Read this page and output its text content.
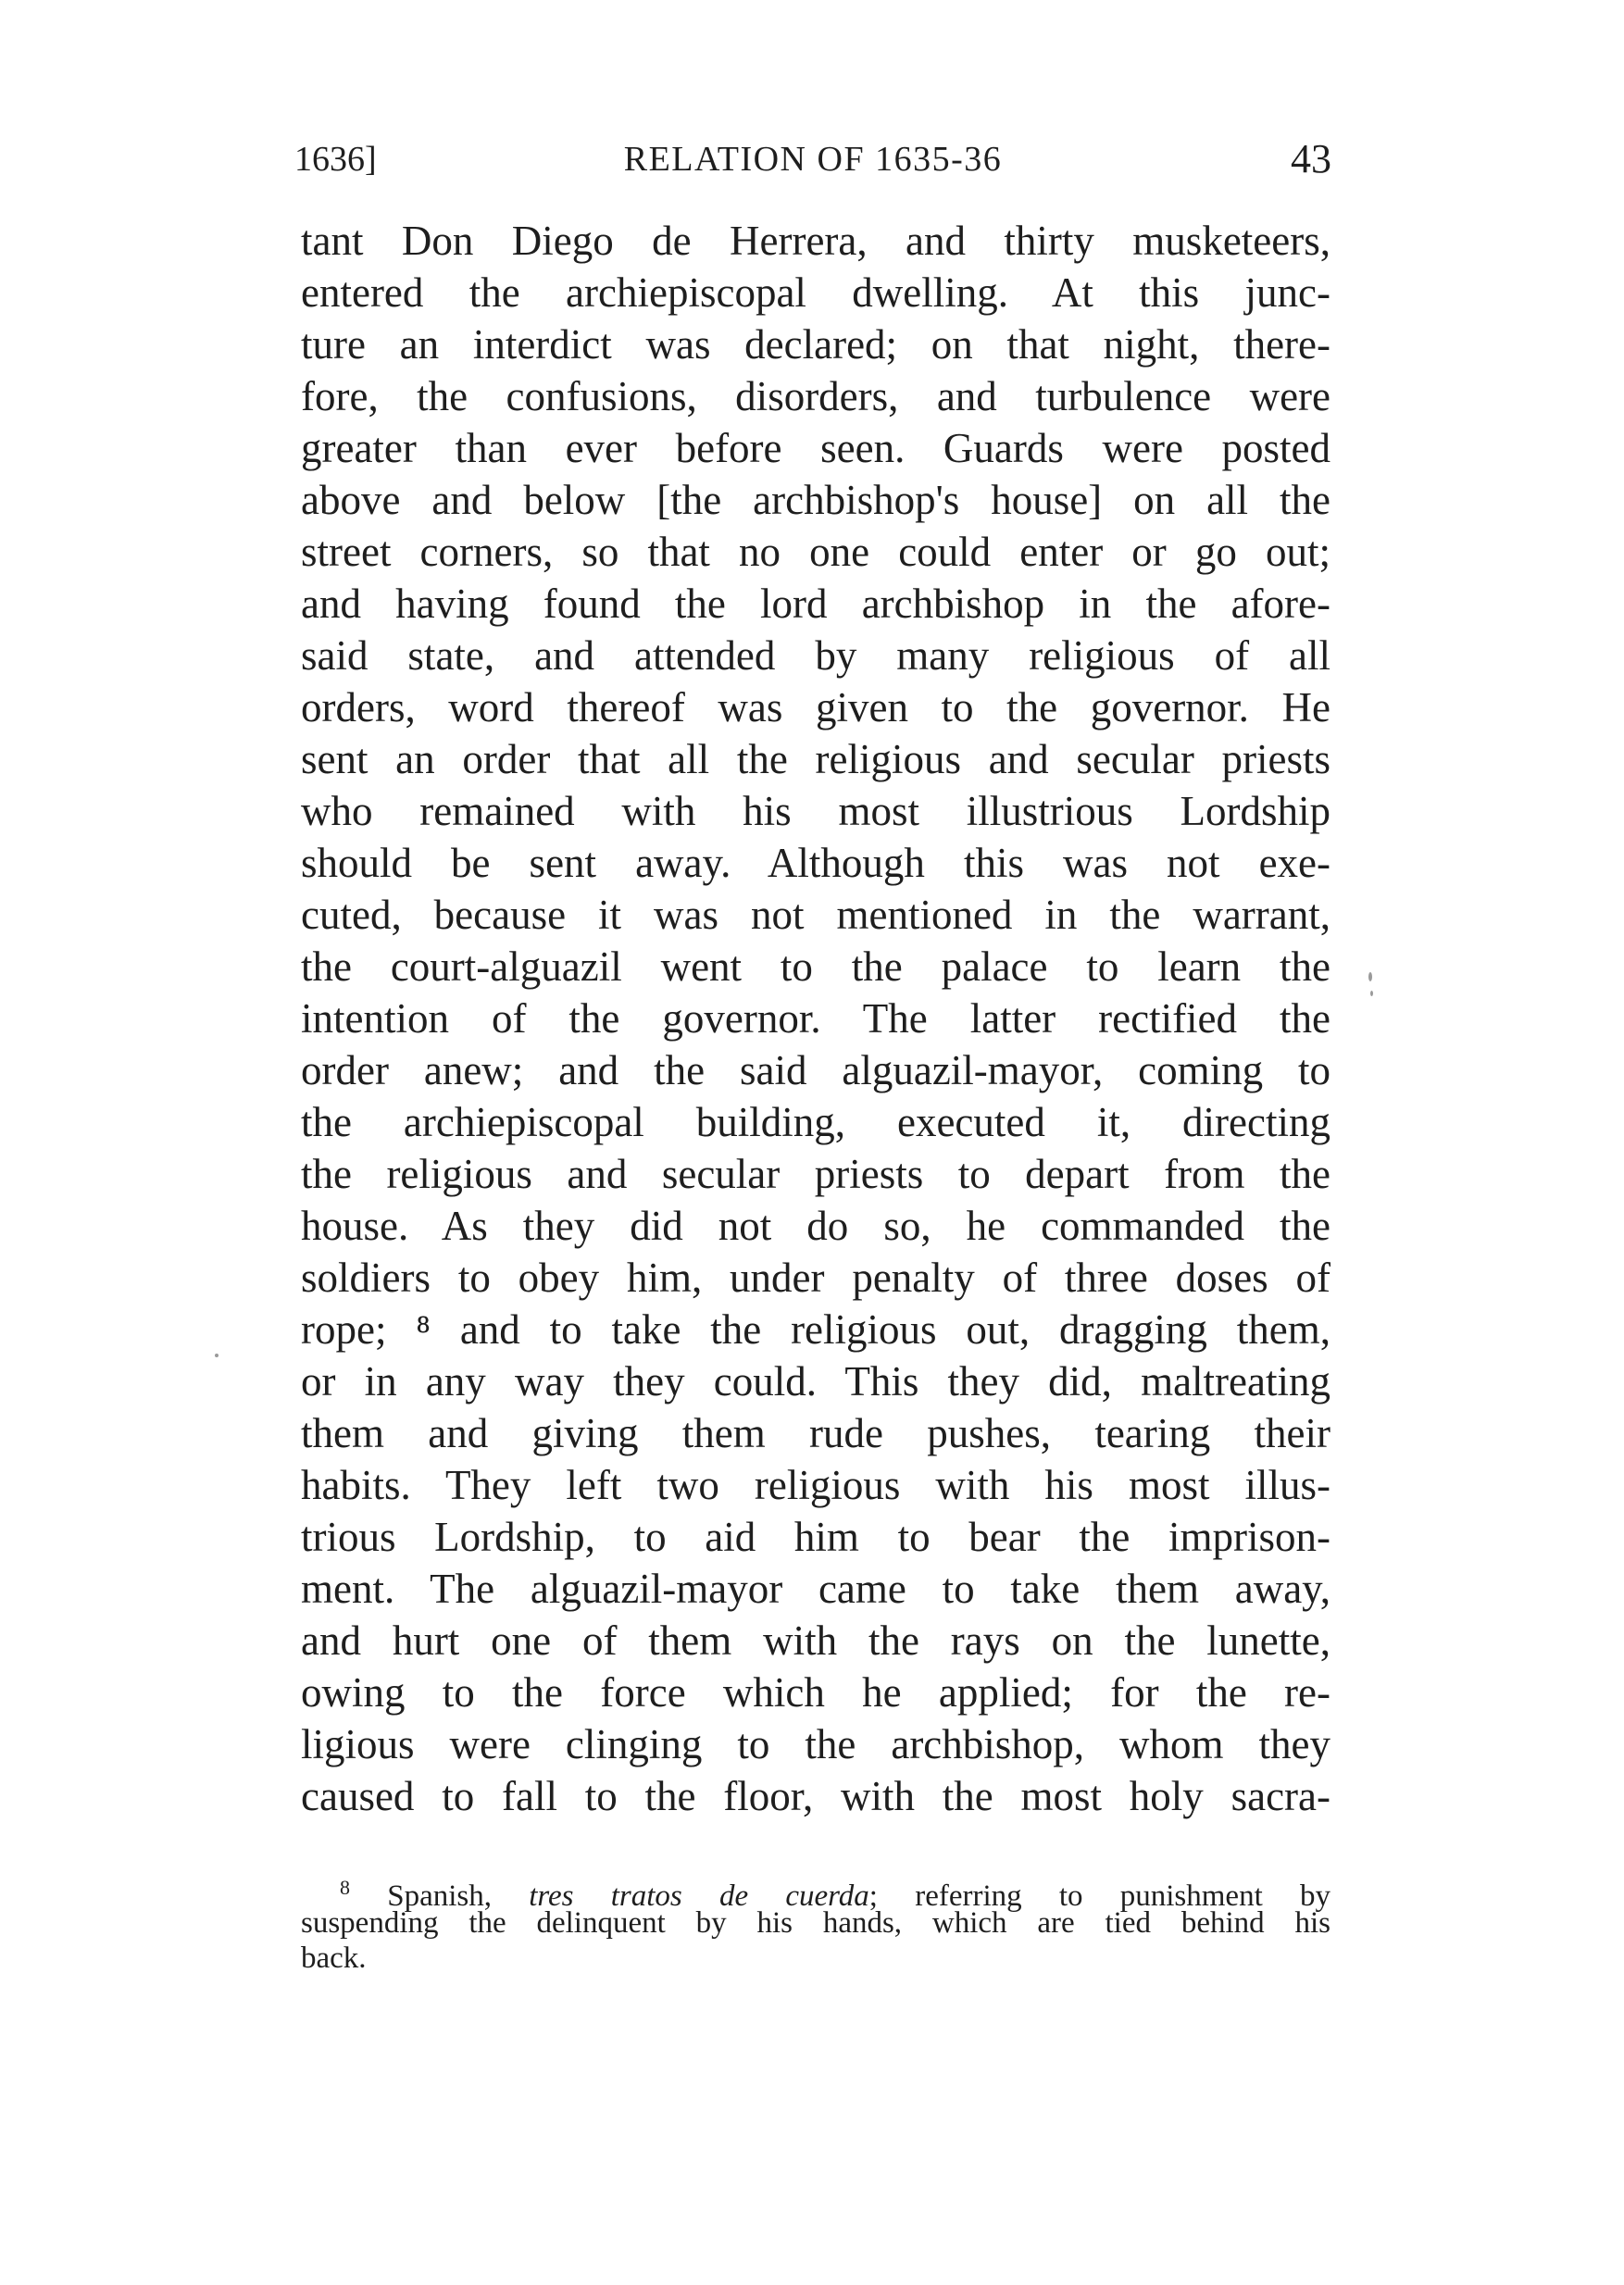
1636]	RELATION OF 1635-36	43
tant Don Diego de Herrera, and thirty musketeers,
entered the archiepiscopal dwelling. At this junc-
ture an interdict was declared; on that night, there-
fore, the confusions, disorders, and turbulence were
greater than ever before seen. Guards were posted
above and below [the archbishop's house] on all the
street corners, so that no one could enter or go out;
and having found the lord archbishop in the afore-
said state, and attended by many religious of all
orders, word thereof was given to the governor. He
sent an order that all the religious and secular priests
who remained with his most illustrious Lordship
should be sent away. Although this was not exe-
cuted, because it was not mentioned in the warrant,
the court-alguazil went to the palace to learn the
intention of the governor. The latter rectified the
order anew; and the said alguazil-mayor, coming to
the archiepiscopal building, executed it, directing
the religious and secular priests to depart from the
house. As they did not do so, he commanded the
soldiers to obey him, under penalty of three doses of
rope; ⁸ and to take the religious out, dragging them,
or in any way they could. This they did, maltreating
them and giving them rude pushes, tearing their
habits. They left two religious with his most illus-
trious Lordship, to aid him to bear the imprison-
ment. The alguazil-mayor came to take them away,
and hurt one of them with the rays on the lunette,
owing to the force which he applied; for the re-
ligious were clinging to the archbishop, whom they
caused to fall to the floor, with the most holy sacra-
$^8$ Spanish, tres tratos de cuerda; referring to punishment by
suspending the delinquent by his hands, which are tied behind his
back.
